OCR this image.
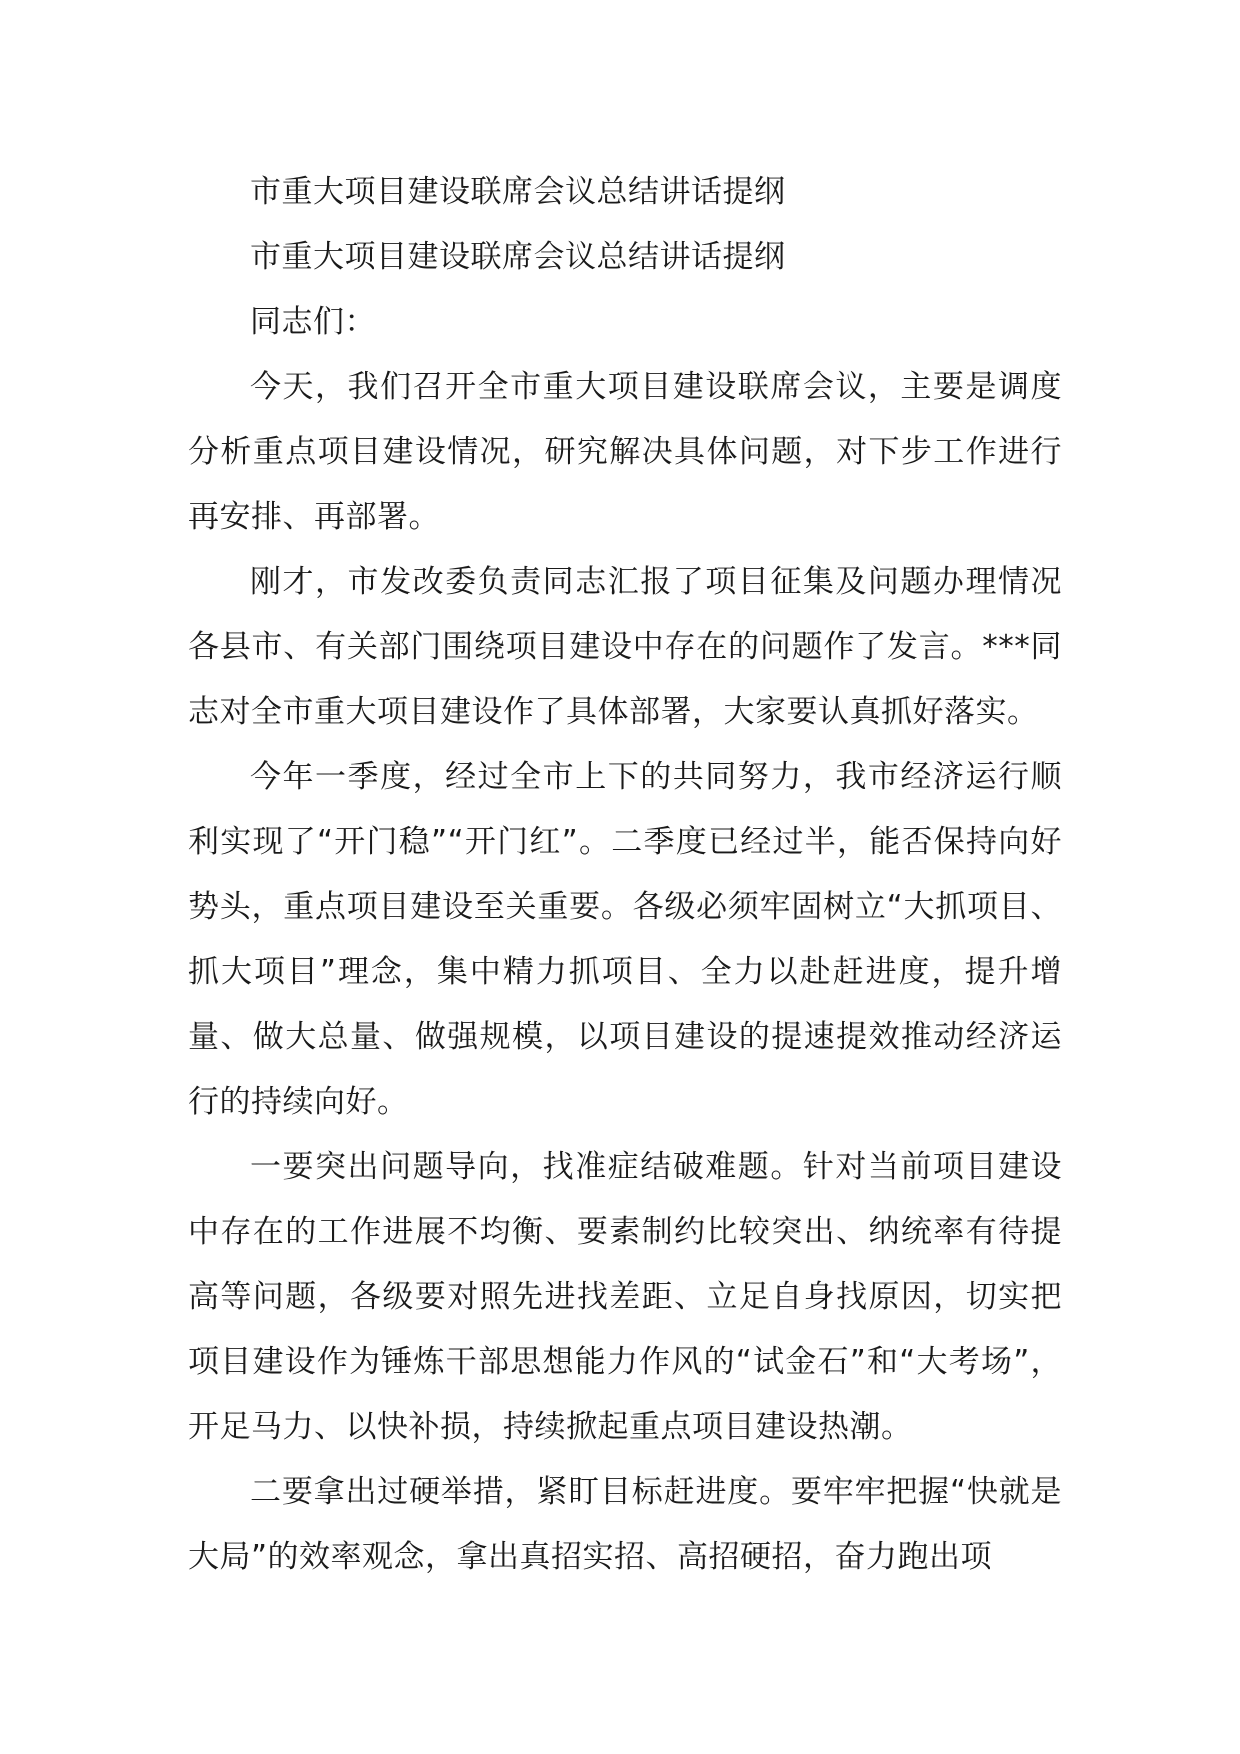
市重大项目建设联席会议总结讲话提纲

市重大项目建设联席会议总结讲话提纲

同志们：

今天，我们召开全市重大项目建设联席会议，主要是调度分析重点项目建设情况，研究解决具体问题，对下步工作进行再安排、再部署。

刚才，市发改委负责同志汇报了项目征集及问题办理情况各县市、有关部门围绕项目建设中存在的问题作了发言。***同志对全市重大项目建设作了具体部署，大家要认真抓好落实。

今年一季度，经过全市上下的共同努力，我市经济运行顺利实现了“开门稳”“开门红”。二季度已经过半，能否保持向好势头，重点项目建设至关重要。各级必须牢固树立“大抓项目、抓大项目”理念，集中精力抓项目、全力以赴赶进度，提升增量、做大总量、做强规模，以项目建设的提速提效推动经济运行的持续向好。

一要突出问题导向，找准症结破难题。针对当前项目建设中存在的工作进展不均衡、要素制约比较突出、纳统率有待提高等问题，各级要对照先进找差距、立足自身找原因，切实把项目建设作为锤炼干部思想能力作风的“试金石”和“大考场”，开足马力、以快补损，持续掀起重点项目建设热潮。

二要拿出过硬举措，紧盯目标赶进度。要牢牢把握“快就是大局”的效率观念，拿出真招实招、高招硬招，奋力跑出项
